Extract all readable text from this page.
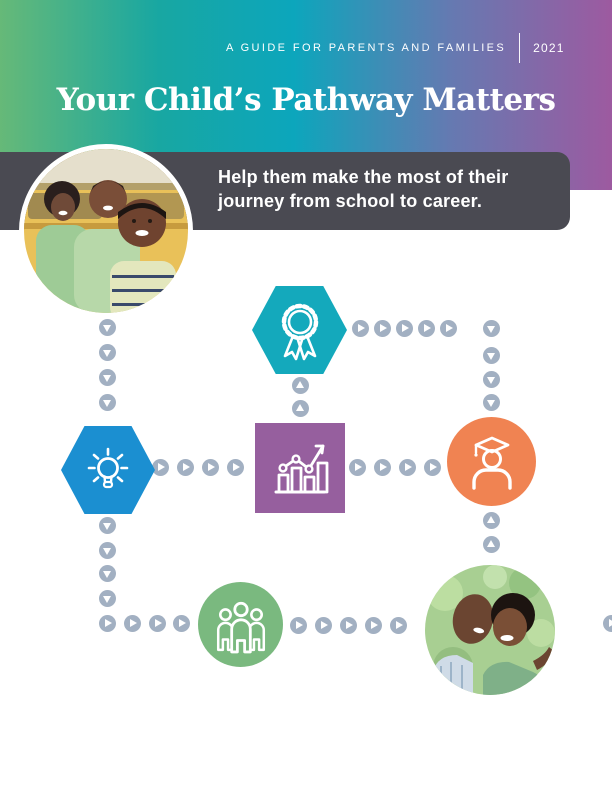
A GUIDE FOR PARENTS AND FAMILIES 2021
Your Child’s Pathway Matters
Help them make the most of their journey from school to career.
